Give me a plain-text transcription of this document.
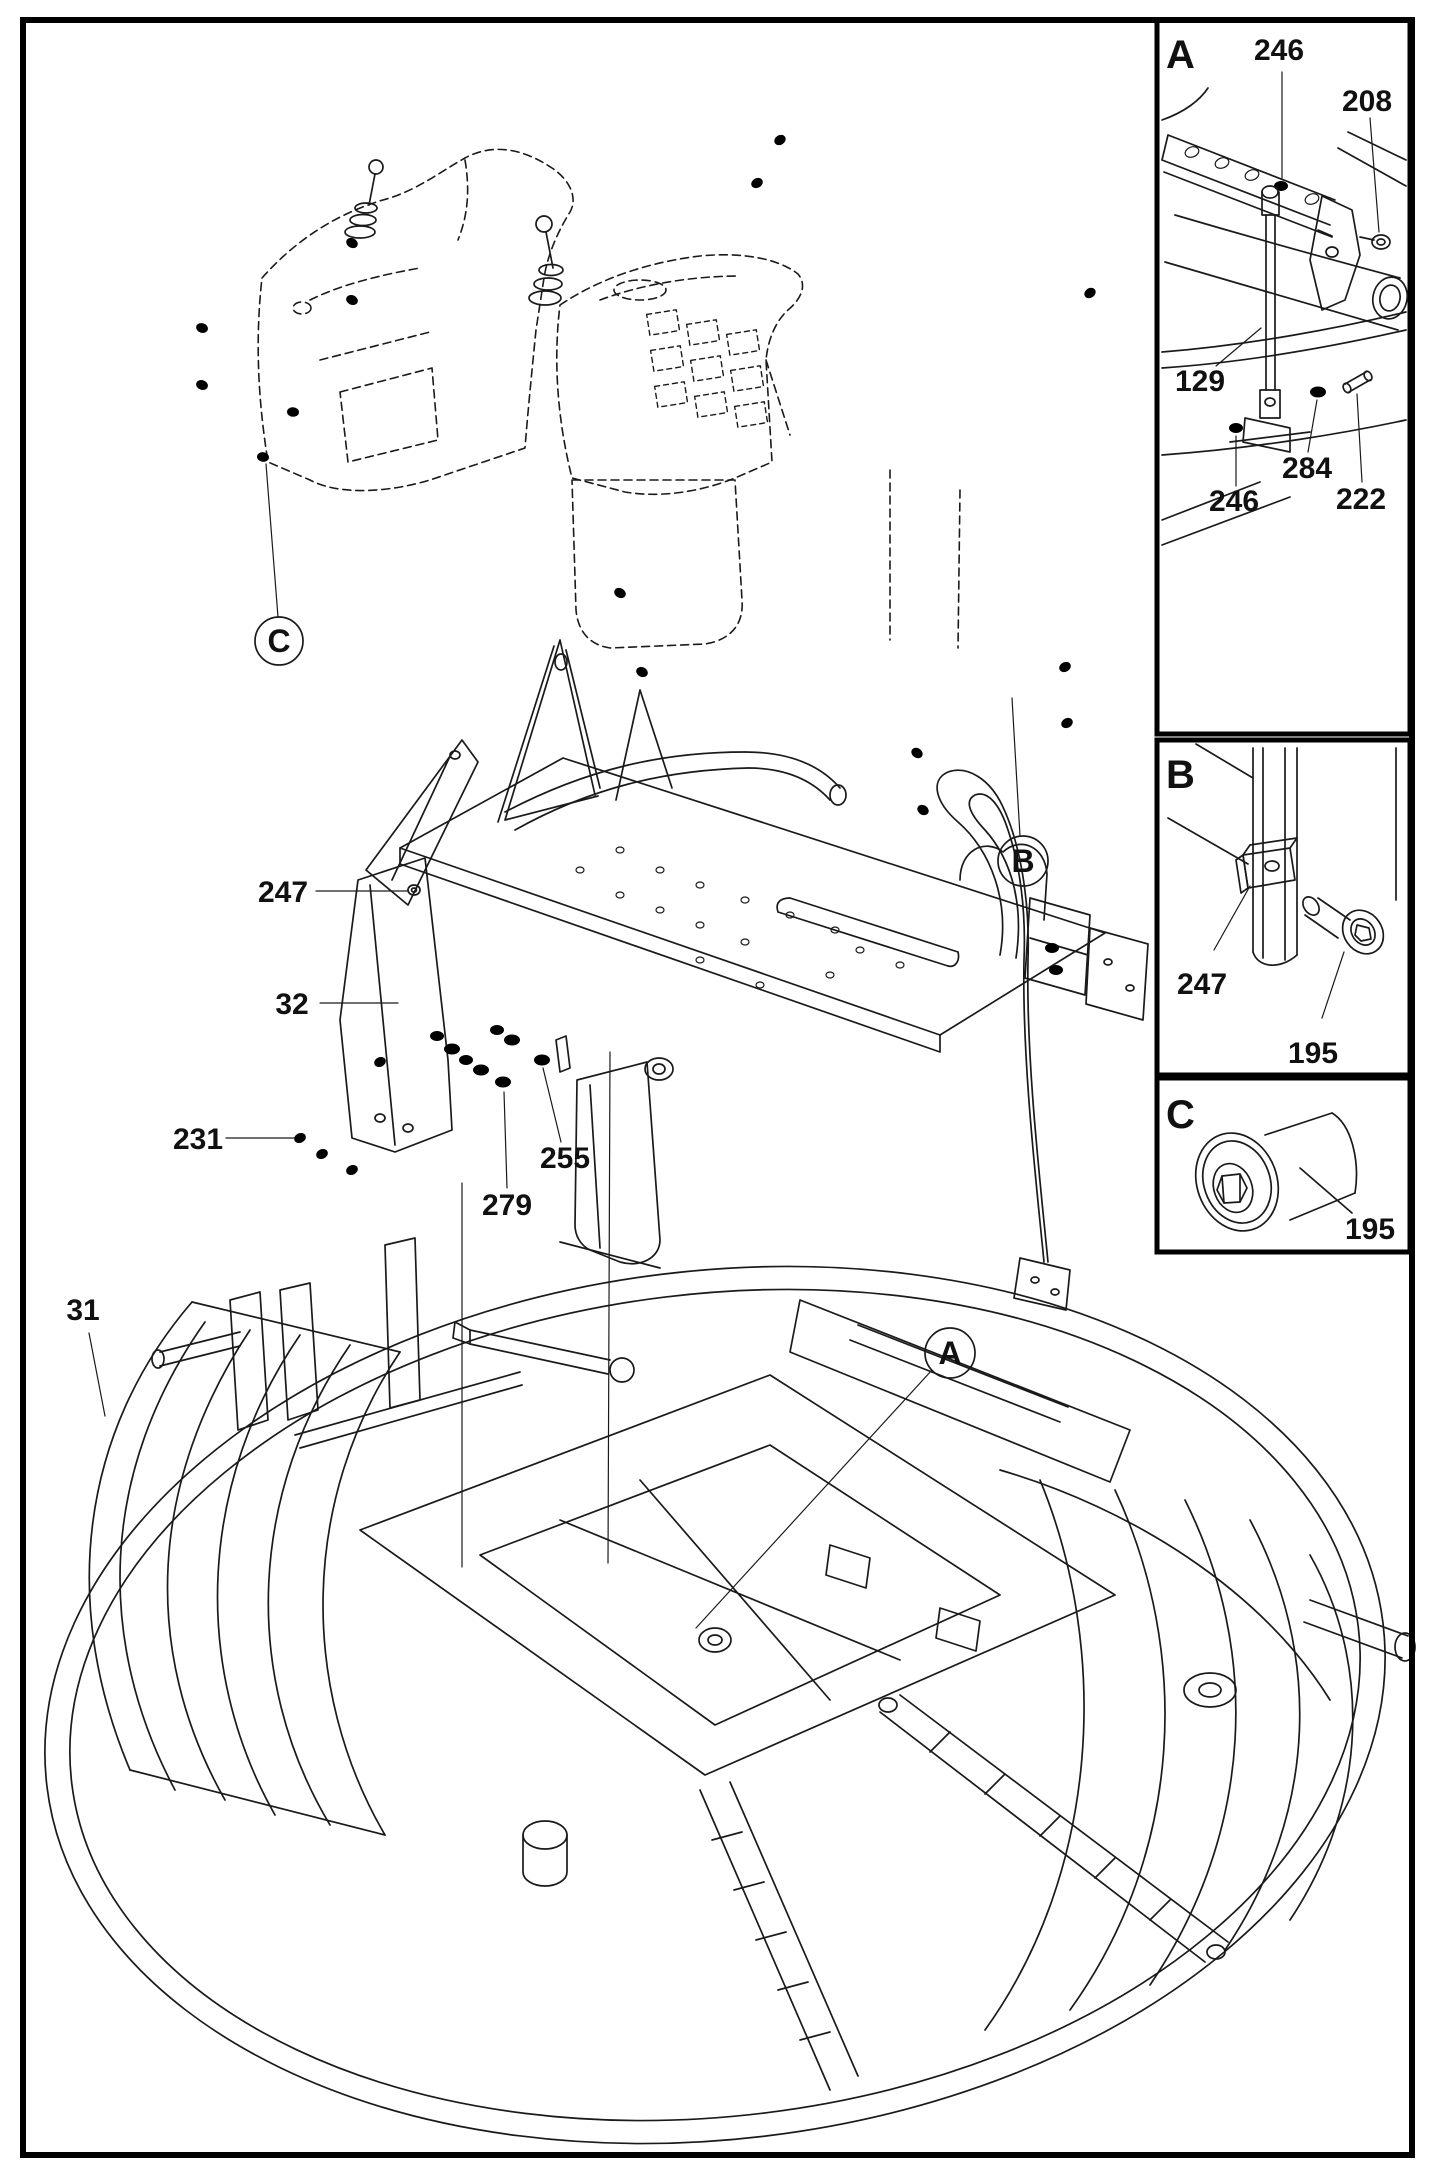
247
32
231
255
279
31
C
B
A
A 246
208
129
284
246	222
B
247
195
C
195
